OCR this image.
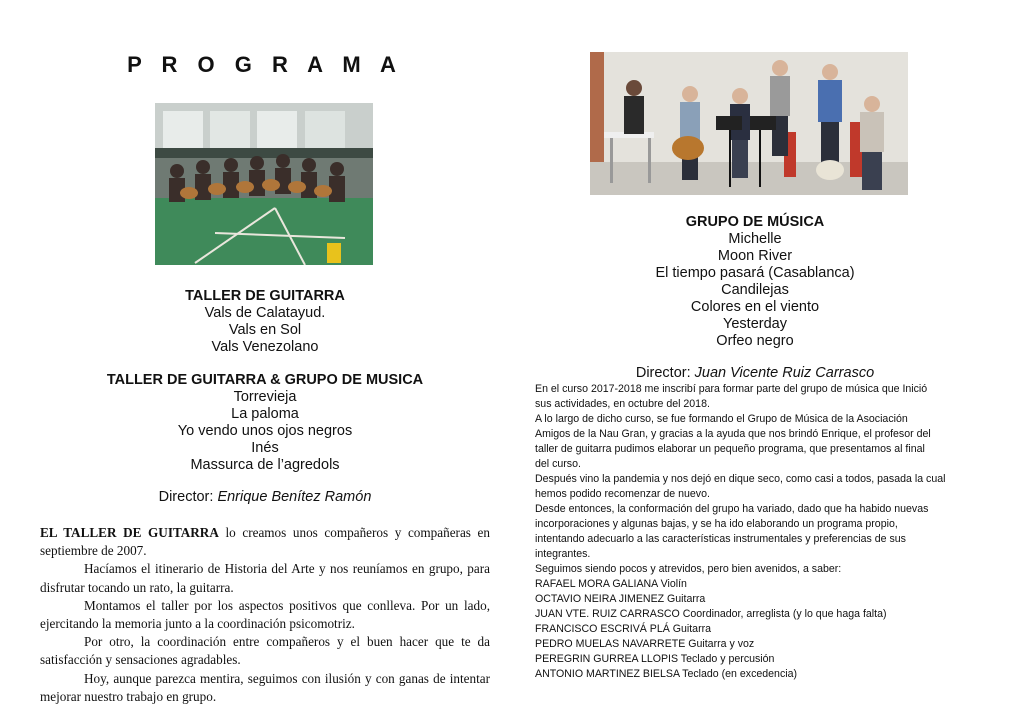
P R O G R A M A
TALLER DE GUITARRA
Vals de Calatayud.
Vals en Sol
Vals Venezolano
TALLER DE GUITARRA & GRUPO DE MUSICA
Torrevieja
La paloma
Yo vendo unos ojos negros
Inés
Massurca de l’agredols
Director: Enrique Benítez Ramón

EL TALLER DE GUITARRA lo creamos unos compañeros y compañeras en septiembre de 2007.

Hacíamos el itinerario de Historia del Arte y nos reuníamos en grupo, para disfrutar tocando un rato, la guitarra.

Montamos el taller por los aspectos positivos que conlleva. Por un lado, ejercitando la memoria junto a la coordinación psicomotriz.

Por otro, la coordinación entre compañeros y el buen hacer que te da satisfacción y sensaciones agradables.

Hoy, aunque parezca mentira, seguimos con ilusión y con ganas de intentar mejorar nuestro trabajo en grupo.

GRUPO DE MÚSICA
Michelle
Moon River
El tiempo pasará (Casablanca)
Candilejas
Colores en el viento
Yesterday
Orfeo negro
Director: Juan Vicente Ruiz Carrasco

En el curso 2017-2018 me inscribí para formar parte del grupo de música que Inició

sus actividades, en octubre del 2018.

A lo largo de dicho curso, se fue formando el Grupo de Música de la Asociación

Amigos de la Nau Gran, y gracias a la ayuda que nos brindó Enrique, el profesor del

taller de guitarra pudimos elaborar un pequeño programa, que presentamos al final

del curso.

Después vino la pandemia y nos dejó en dique seco, como casi a todos, pasada la cual

hemos podido recomenzar de nuevo.

Desde entonces, la conformación del grupo ha variado, dado que ha habido nuevas

incorporaciones y algunas bajas, y se ha ido elaborando un programa propio,

intentando adecuarlo a las características instrumentales y preferencias de sus

integrantes.

Seguimos siendo pocos y atrevidos, pero bien avenidos, a saber:

RAFAEL MORA GALIANA Violín

OCTAVIO NEIRA JIMENEZ Guitarra

JUAN VTE. RUIZ CARRASCO Coordinador, arreglista (y lo que haga falta)

FRANCISCO ESCRIVÁ PLÁ Guitarra

PEDRO MUELAS NAVARRETE Guitarra y voz

PEREGRIN GURREA LLOPIS Teclado y percusión

ANTONIO MARTINEZ BIELSA Teclado (en excedencia)
